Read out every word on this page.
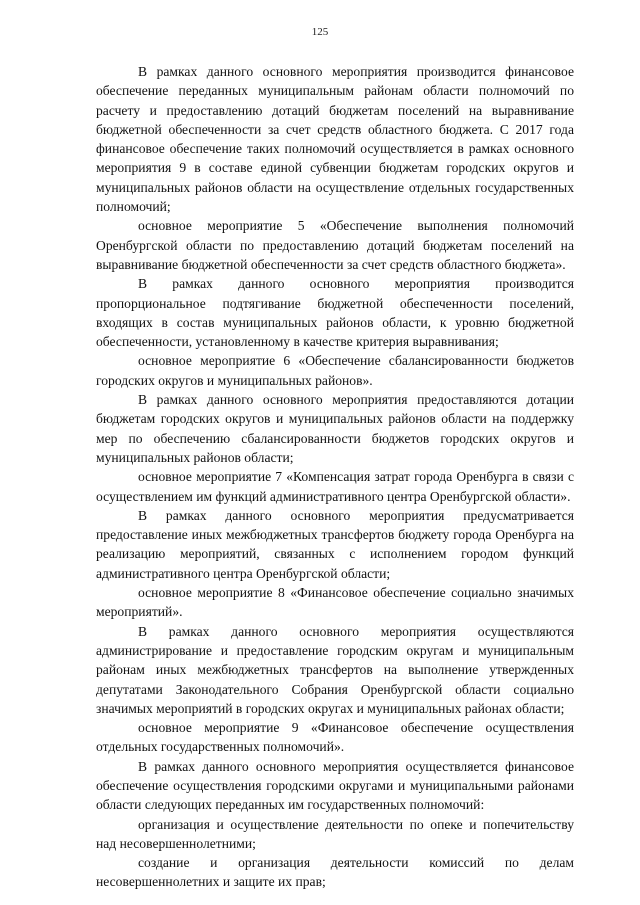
125

В рамках данного основного мероприятия производится финансовое обеспечение переданных муниципальным районам области полномочий по расчету и предоставлению дотаций бюджетам поселений на выравнивание бюджетной обеспеченности за счет средств областного бюджета. С 2017 года финансовое обеспечение таких полномочий осуществляется в рамках основного мероприятия 9 в составе единой субвенции бюджетам городских округов и муниципальных районов области на осуществление отдельных государственных полномочий;

основное мероприятие 5 «Обеспечение выполнения полномочий Оренбургской области по предоставлению дотаций бюджетам поселений на выравнивание бюджетной обеспеченности за счет средств областного бюджета».

В рамках данного основного мероприятия производится пропорциональное подтягивание бюджетной обеспеченности поселений, входящих в состав муниципальных районов области, к уровню бюджетной обеспеченности, установленному в качестве критерия выравнивания;

основное мероприятие 6 «Обеспечение сбалансированности бюджетов городских округов и муниципальных районов».

В рамках данного основного мероприятия предоставляются дотации бюджетам городских округов и муниципальных районов области на поддержку мер по обеспечению сбалансированности бюджетов городских округов и муниципальных районов области;

основное мероприятие 7 «Компенсация затрат города Оренбурга в связи с осуществлением им функций административного центра Оренбургской области».

В рамках данного основного мероприятия предусматривается предоставление иных межбюджетных трансфертов бюджету города Оренбурга на реализацию мероприятий, связанных с исполнением городом функций административного центра Оренбургской области;

основное мероприятие 8 «Финансовое обеспечение социально значимых мероприятий».

В рамках данного основного мероприятия осуществляются администрирование и предоставление городским округам и муниципальным районам иных межбюджетных трансфертов на выполнение утвержденных депутатами Законодательного Собрания Оренбургской области социально значимых мероприятий в городских округах и муниципальных районах области;

основное мероприятие 9 «Финансовое обеспечение осуществления отдельных государственных полномочий».

В рамках данного основного мероприятия осуществляется финансовое обеспечение осуществления городскими округами и муниципальными районами области следующих переданных им государственных полномочий:

организация и осуществление деятельности по опеке и попечительству над несовершеннолетними;

создание и организация деятельности комиссий по делам несовершеннолетних и защите их прав;
